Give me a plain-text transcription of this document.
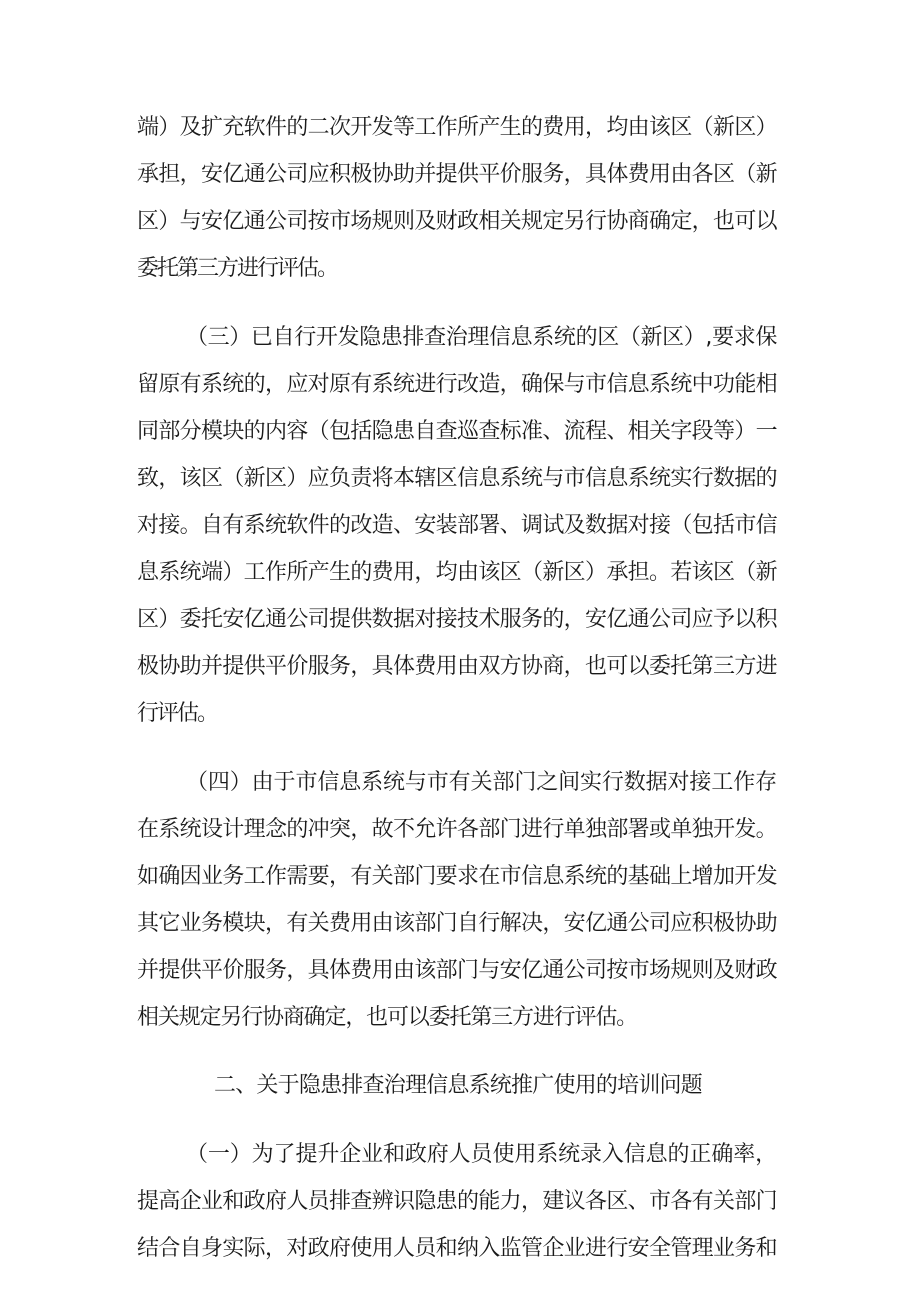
端）及扩充软件的二次开发等工作所产生的费用，均由该区（新区）
承担，安亿通公司应积极协助并提供平价服务，具体费用由各区（新
区）与安亿通公司按市场规则及财政相关规定另行协商确定，也可以
委托第三方进行评估。
（三）已自行开发隐患排查治理信息系统的区（新区）,要求保
留原有系统的，应对原有系统进行改造，确保与市信息系统中功能相
同部分模块的内容（包括隐患自查巡查标准、流程、相关字段等）一
致，该区（新区）应负责将本辖区信息系统与市信息系统实行数据的
对接。自有系统软件的改造、安装部署、调试及数据对接（包括市信
息系统端）工作所产生的费用，均由该区（新区）承担。若该区（新
区）委托安亿通公司提供数据对接技术服务的，安亿通公司应予以积
极协助并提供平价服务，具体费用由双方协商，也可以委托第三方进
行评估。
（四）由于市信息系统与市有关部门之间实行数据对接工作存
在系统设计理念的冲突，故不允许各部门进行单独部署或单独开发。
如确因业务工作需要，有关部门要求在市信息系统的基础上增加开发
其它业务模块，有关费用由该部门自行解决，安亿通公司应积极协助
并提供平价服务，具体费用由该部门与安亿通公司按市场规则及财政
相关规定另行协商确定，也可以委托第三方进行评估。
二、关于隐患排查治理信息系统推广使用的培训问题
（一）为了提升企业和政府人员使用系统录入信息的正确率，
提高企业和政府人员排查辨识隐患的能力，建议各区、市各有关部门
结合自身实际，对政府使用人员和纳入监管企业进行安全管理业务和
